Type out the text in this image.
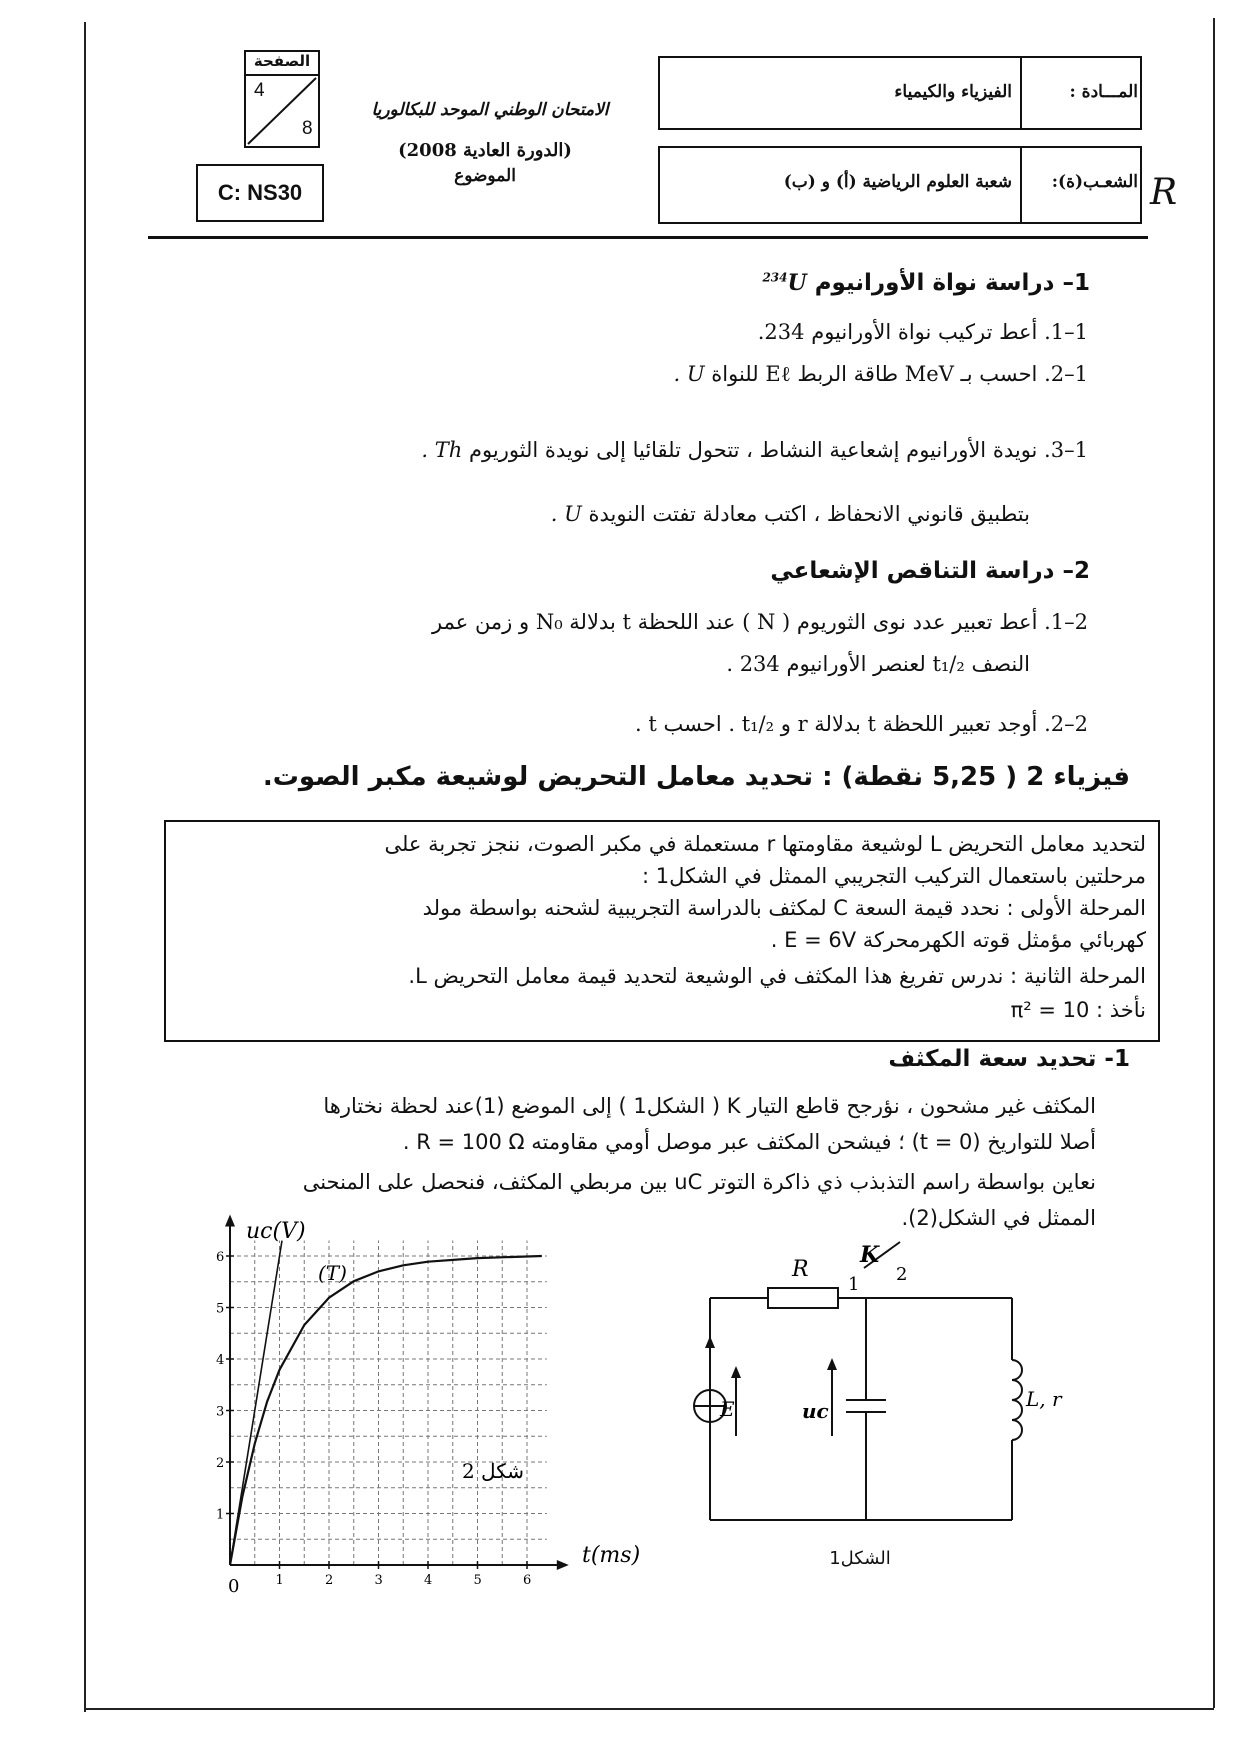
الصفحة
4
8
C: NS30
الامتحان الوطني الموحد للبكالوريا
(الدورة العادية 2008)
الموضوع
المـــادة :
الفيزياء والكيمياء
الشعـب(ة):
شعبة العلوم الرياضية (أ) و (ب)	R
1– دراسة نواة الأورانيوم $^{234}$U
1–1. أعط تركيب نواة الأورانيوم 234.
1–2. احسب بـ MeV طاقة الربط Eℓ للنواة U .
1–3. نويدة الأورانيوم إشعاعية النشاط ، تتحول تلقائيا إلى نويدة الثوريوم Th .
بتطبيق قانوني الانحفاظ ، اكتب معادلة تفتت النويدة U .
2– دراسة التناقص الإشعاعي
2–1. أعط تعبير عدد نوى الثوريوم ( N ) عند اللحظة t بدلالة N₀ و زمن عمر
النصف t₁/₂ لعنصر الأورانيوم 234 .
2–2. أوجد تعبير اللحظة t بدلالة r و t₁/₂ . احسب t .
فيزياء 2 ( 5,25 نقطة) : تحديد معامل التحريض لوشيعة مكبر الصوت.
لتحديد معامل التحريض L لوشيعة مقاومتها r مستعملة في مكبر الصوت، ننجز تجربة على
مرحلتين باستعمال التركيب التجريبي الممثل في الشكل1 :
المرحلة الأولى : نحدد قيمة السعة C لمكثف بالدراسة التجريبية لشحنه بواسطة مولد
كهربائي مؤمثل قوته الكهرمحركة E = 6V .
المرحلة الثانية : ندرس تفريغ هذا المكثف في الوشيعة لتحديد قيمة معامل التحريض L.
نأخذ : π² = 10
1- تحديد سعة المكثف
المكثف غير مشحون ، نؤرجح قاطع التيار K ( الشكل1 ) إلى الموضع (1)عند لحظة نختارها
أصلا للتواريخ (t = 0) ؛ فيشحن المكثف عبر موصل أومي مقاومته R = 100 Ω .
نعاين بواسطة راسم التذبذب ذي ذاكرة التوتر uC بين مربطي المكثف، فنحصل على المنحنى
الممثل في الشكل(2).
1	2	3	4	5	6
1
2
3
4
5
6
uc(V)
t(ms)
(T)
شكل 2
0
R
K
1 2
E	uc	L, r
الشكل1
